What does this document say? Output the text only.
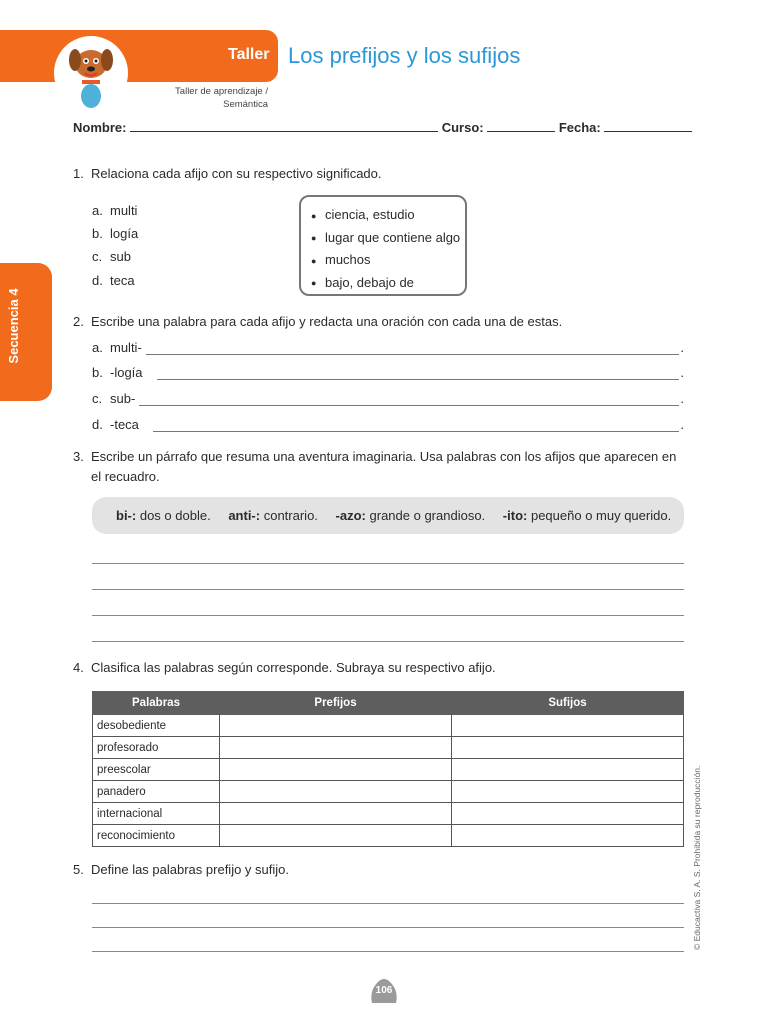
Taller Los prefijos y los sufijos
Taller de aprendizaje /
Semántica
Secuencia 4
Nombre:	Curso:	Fecha:
1. Relaciona cada afijo con su respectivo significado.
a. multi
b. logía
c. sub
d. teca
● ciencia, estudio
● lugar que contiene algo
● muchos
● bajo, debajo de
2. Escribe una palabra para cada afijo y redacta una oración con cada una de estas.
a. multi-	.
b. -logía	.
c. sub-	.
d. -teca	.
3. Escribe un párrafo que resuma una aventura imaginaria. Usa palabras con los afijos que aparecen en
el recuadro.
bi-: dos o doble. anti-: contrario. -azo: grande o grandioso. -ito: pequeño o muy querido.
4. Clasifica las palabras según corresponde. Subraya su respectivo afijo.
Palabras	Prefijos	Sufijos
desobediente		
profesorado		
preescolar		
panadero		
internacional		
reconocimiento		
5. Define las palabras prefijo y sufijo.	© Educactiva S. A. S. Prohibida su reproducción.
106
